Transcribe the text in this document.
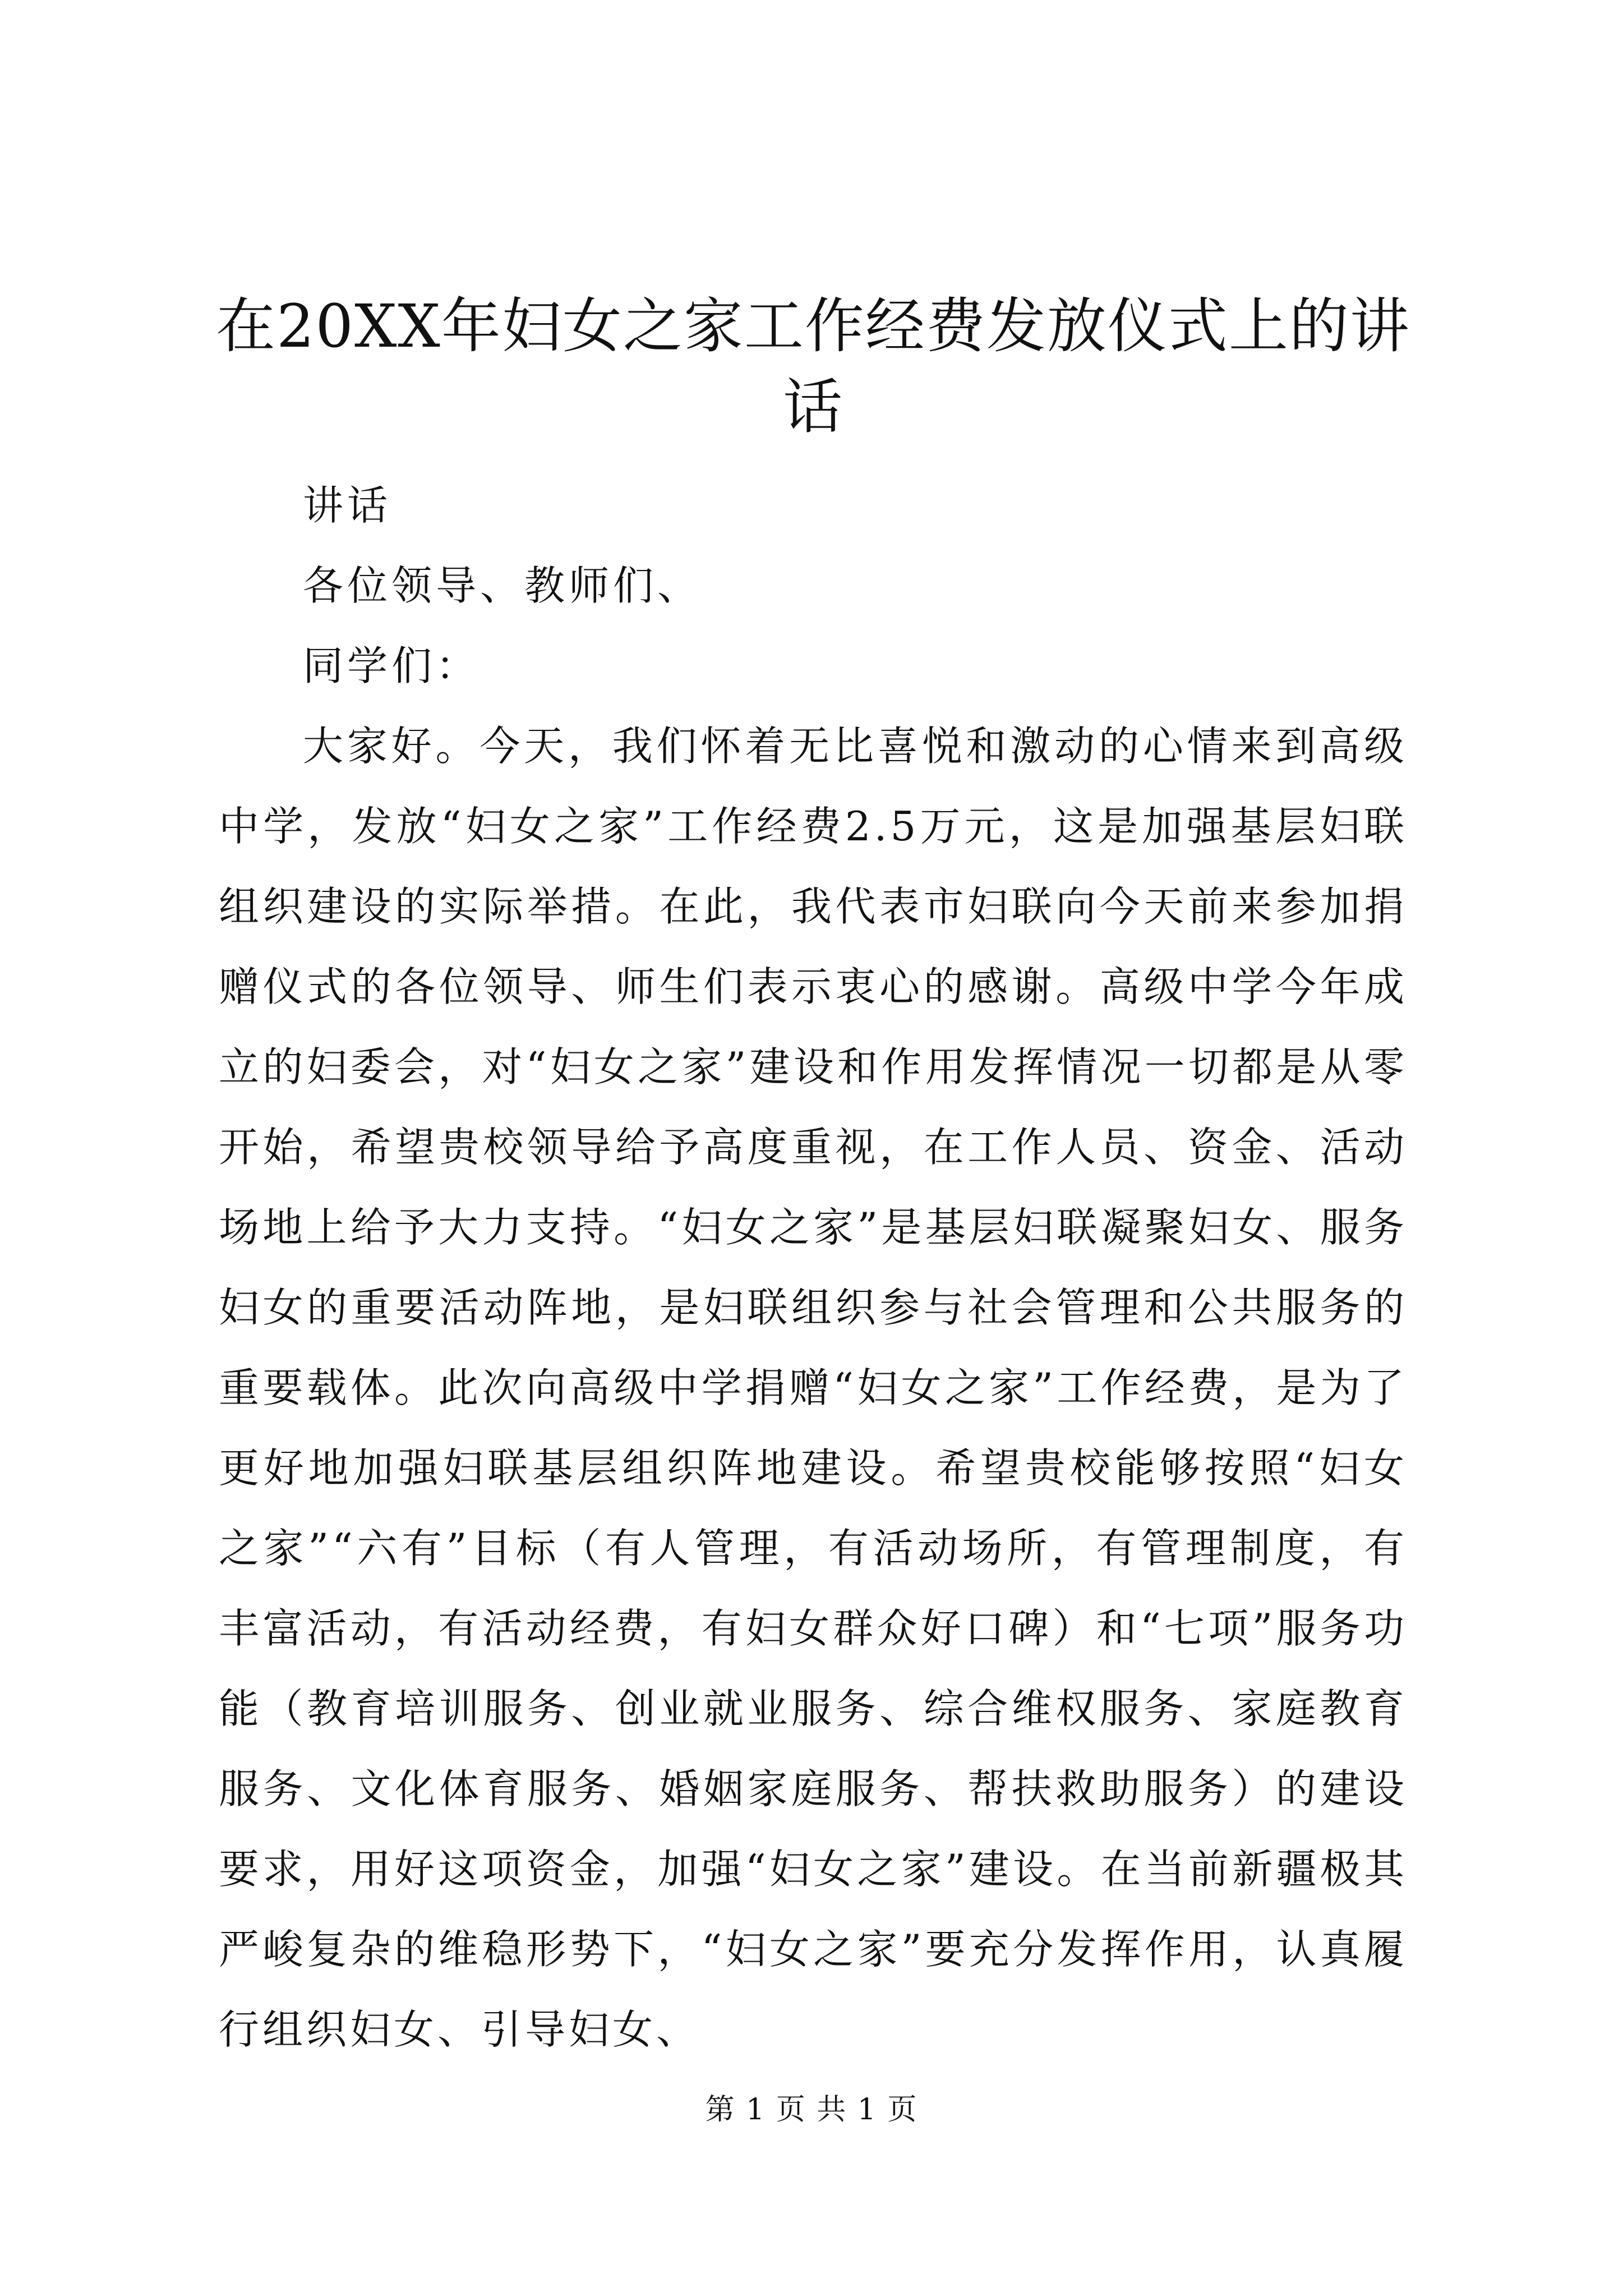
在20XX年妇女之家工作经费发放仪式上的讲话

讲话

各位领导、教师们、

同学们：

大家好。今天，我们怀着无比喜悦和激动的心情来到高级中学，发放“妇女之家”工作经费2.5万元，这是加强基层妇联组织建设的实际举措。在此，我代表市妇联向今天前来参加捐赠仪式的各位领导、师生们表示衷心的感谢。高级中学今年成立的妇委会，对“妇女之家”建设和作用发挥情况一切都是从零开始，希望贵校领导给予高度重视，在工作人员、资金、活动场地上给予大力支持。“妇女之家”是基层妇联凝聚妇女、服务妇女的重要活动阵地，是妇联组织参与社会管理和公共服务的重要载体。此次向高级中学捐赠“妇女之家”工作经费，是为了更好地加强妇联基层组织阵地建设。希望贵校能够按照“妇女之家”“六有”目标（有人管理，有活动场所，有管理制度，有丰富活动，有活动经费，有妇女群众好口碑）和“七项”服务功能（教育培训服务、创业就业服务、综合维权服务、家庭教育服务、文化体育服务、婚姻家庭服务、帮扶救助服务）的建设要求，用好这项资金，加强“妇女之家”建设。在当前新疆极其严峻复杂的维稳形势下，“妇女之家”要充分发挥作用，认真履行组织妇女、引导妇女、

第 1 页 共 1 页
